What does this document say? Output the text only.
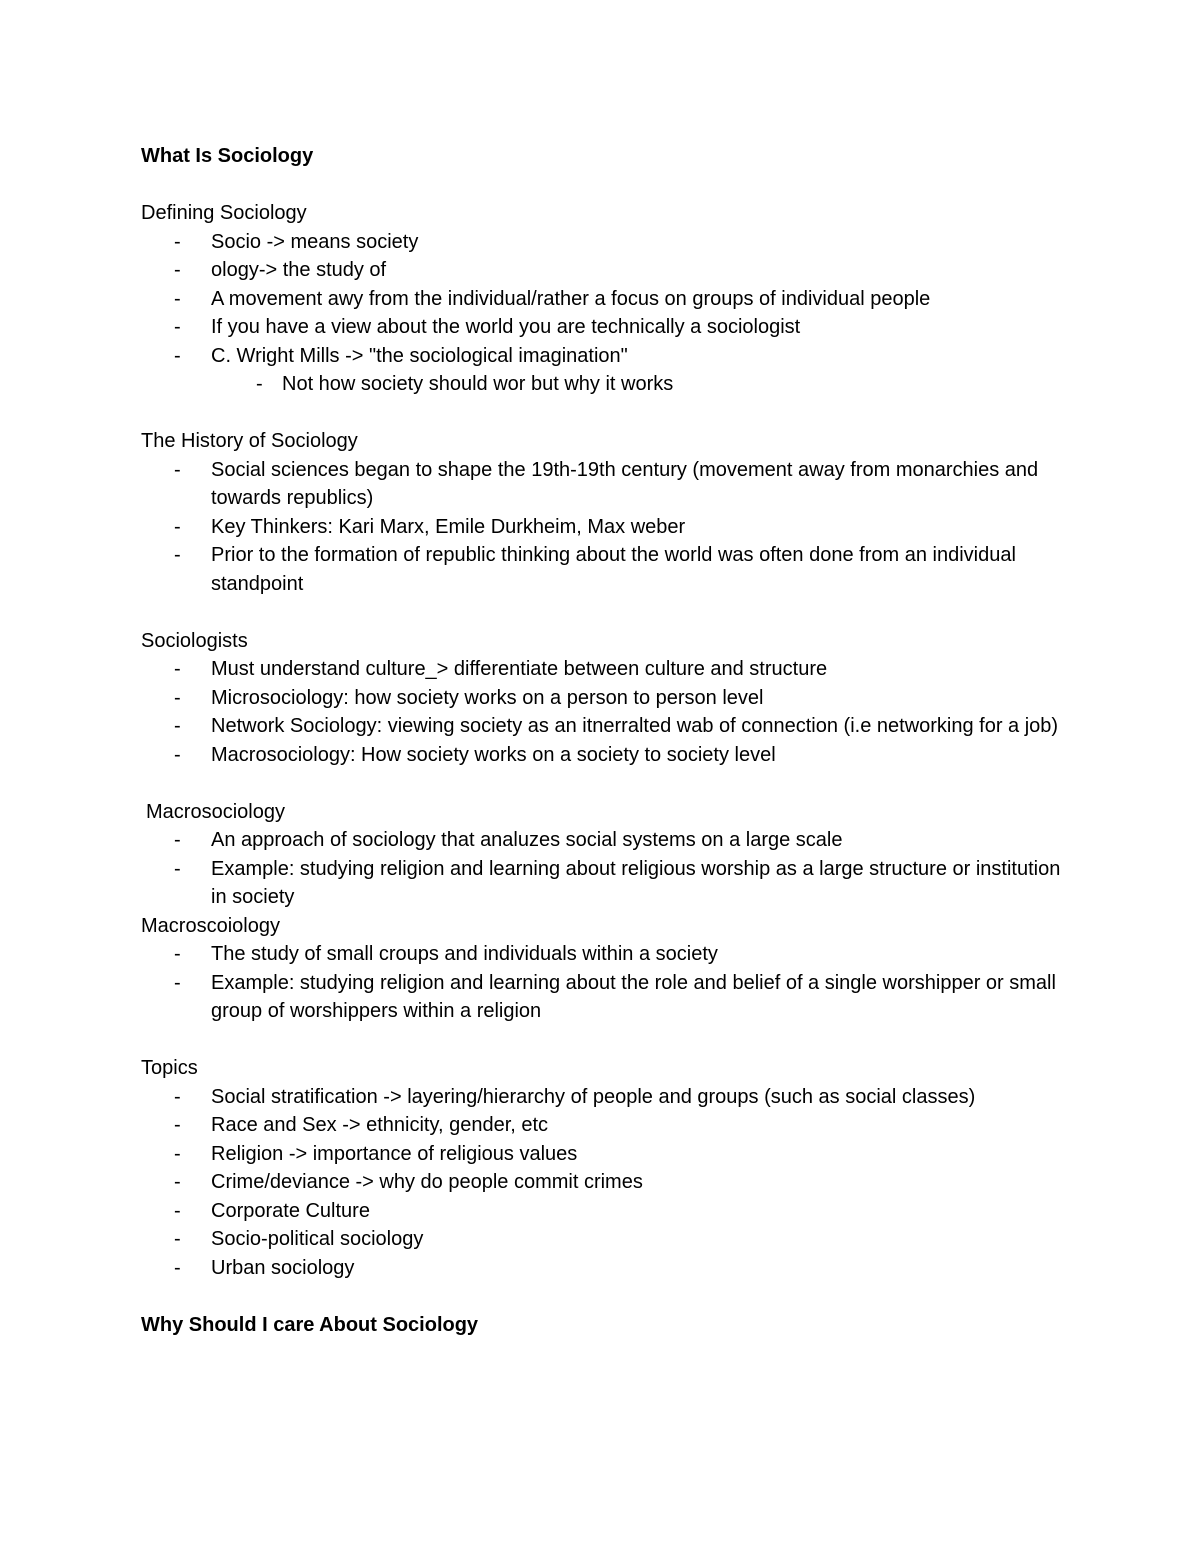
What Is Sociology
Defining Sociology
- Socio -> means society
- ology-> the study of
- A movement awy from the individual/rather a focus on groups of individual people
- If you have a view about the world you are technically a sociologist
- C. Wright Mills -> "the sociological imagination"
- Not how society should wor but why it works
The History of Sociology
- Social sciences began to shape the 19th-19th century (movement away from monarchies and towards republics)
- Key Thinkers: Kari Marx, Emile Durkheim, Max weber
- Prior to the formation of republic thinking about the world was often done from an individual standpoint
Sociologists
- Must understand culture_> differentiate between culture and structure
- Microsociology: how society works on a person to person level
- Network Sociology: viewing society as an itnerralted wab of connection (i.e networking for a job)
- Macrosociology: How society works on a society to society level
Macrosociology
- An approach of sociology that analuzes social systems on a large scale
- Example: studying religion and learning about religious worship as a large structure or institution in society
Macroscoiology
- The study of small croups and individuals within a society
- Example: studying religion and learning about the role and belief of a single worshipper or small group of worshippers within a religion
Topics
- Social stratification -> layering/hierarchy of people and groups (such as social classes)
- Race and Sex -> ethnicity, gender, etc
- Religion -> importance of religious values
- Crime/deviance -> why do people commit crimes
- Corporate Culture
- Socio-political sociology
- Urban sociology
Why Should I care About Sociology
